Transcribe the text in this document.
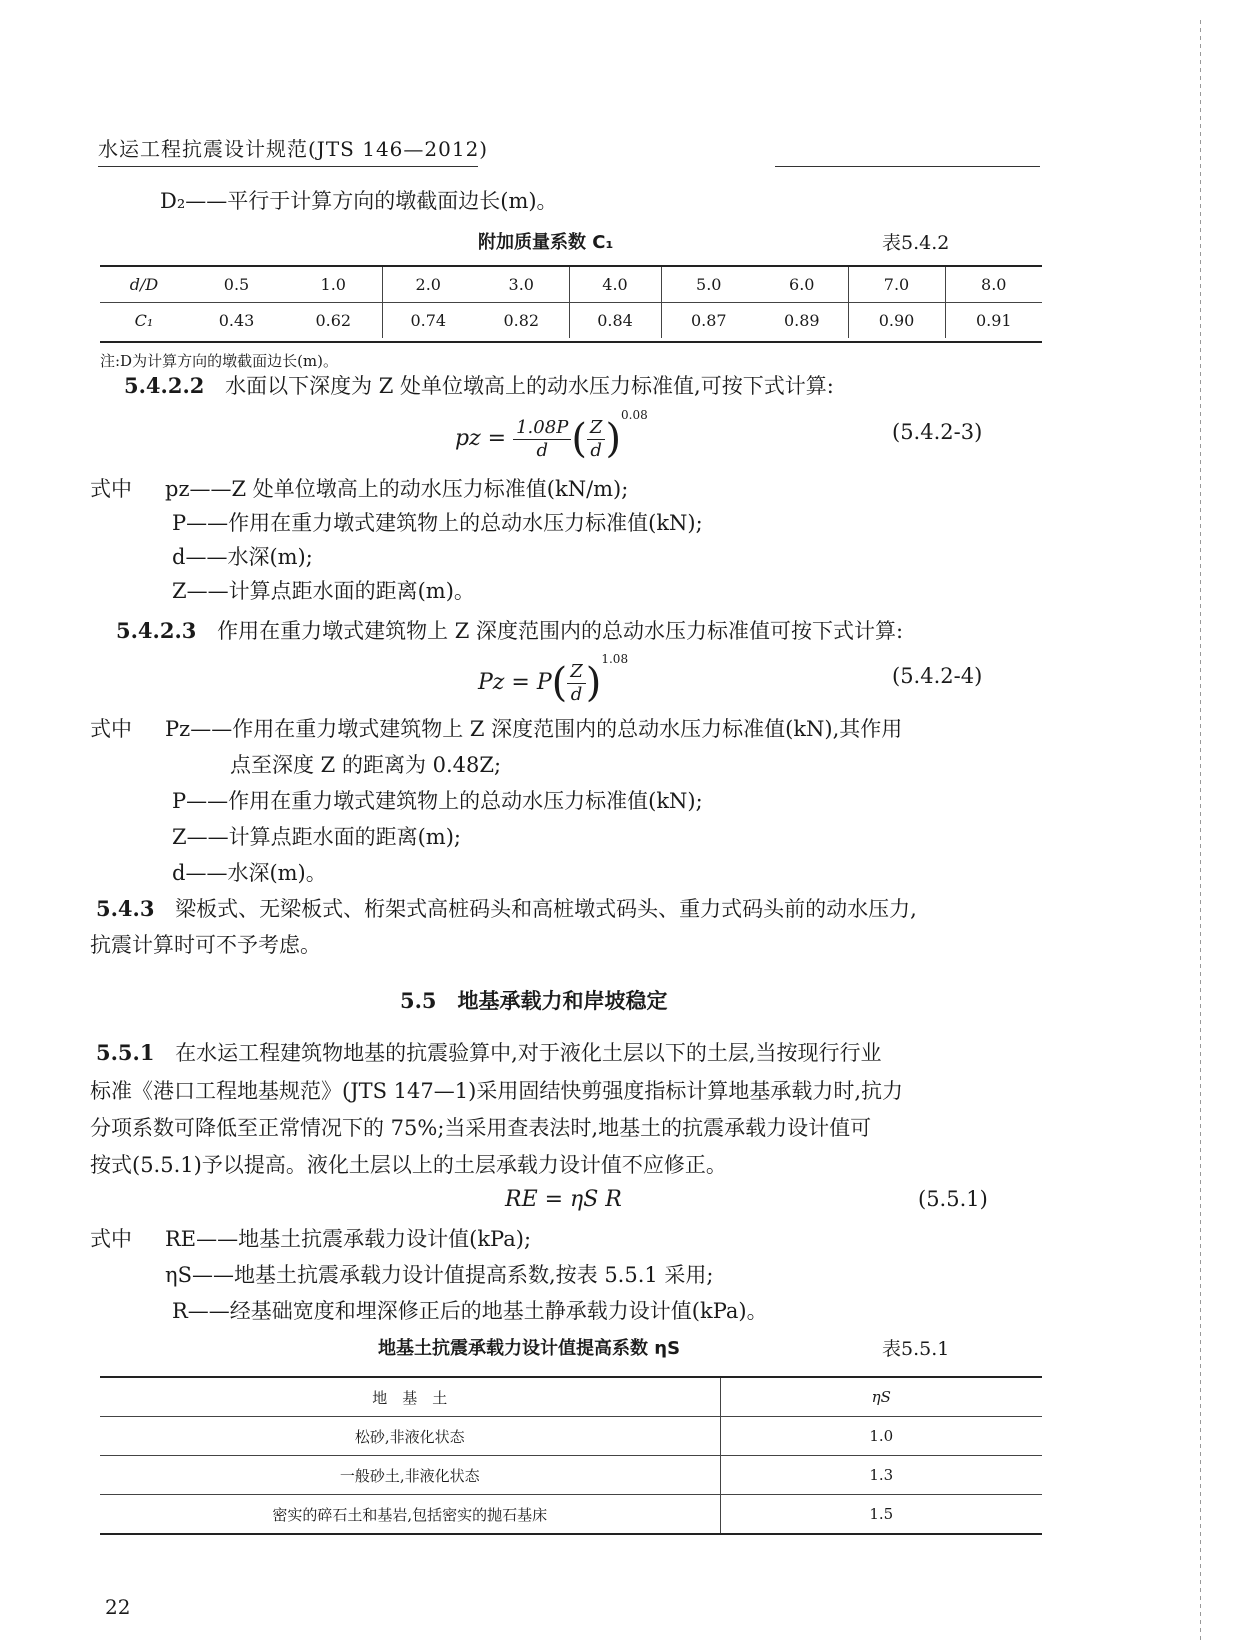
水运工程抗震设计规范(JTS 146—2012)
D₂——平行于计算方向的墩截面边长(m)。
附加质量系数 C₁	表5.4.2
d/D	0.5	1.0	2.0	3.0	4.0	5.0	6.0	7.0	8.0
C₁	0.43	0.62	0.74	0.82	0.84	0.87	0.89	0.90	0.91
注:D为计算方向的墩截面边长(m)。
5.4.2.2 水面以下深度为 Z 处单位墩高上的动水压力标准值,可按下式计算:
pz = $\frac{1.08P}{d}$ ( $\frac{Z}{d} )^{0.08}$
(5.4.2-3)
式中 pz——Z 处单位墩高上的动水压力标准值(kN/m);
P——作用在重力墩式建筑物上的总动水压力标准值(kN);
d——水深(m);
Z——计算点距水面的距离(m)。
5.4.2.3 作用在重力墩式建筑物上 Z 深度范围内的总动水压力标准值可按下式计算:
$Pz = P( \frac{Z}{d} )^{1.08}$
(5.4.2-4)
式中 Pz——作用在重力墩式建筑物上 Z 深度范围内的总动水压力标准值(kN),其作用
点至深度 Z 的距离为 0.48Z;
P——作用在重力墩式建筑物上的总动水压力标准值(kN);
Z——计算点距水面的距离(m);
d——水深(m)。
5.4.3 梁板式、无梁板式、桁架式高桩码头和高桩墩式码头、重力式码头前的动水压力,
抗震计算时可不予考虑。
5.5　地基承载力和岸坡稳定
5.5.1 在水运工程建筑物地基的抗震验算中,对于液化土层以下的土层,当按现行行业
标准《港口工程地基规范》(JTS 147—1)采用固结快剪强度指标计算地基承载力时,抗力
分项系数可降低至正常情况下的 75%;当采用查表法时,地基土的抗震承载力设计值可
按式(5.5.1)予以提高。液化土层以上的土层承载力设计值不应修正。
RE = ηS R	(5.5.1)
式中 RE——地基土抗震承载力设计值(kPa);
ηS——地基土抗震承载力设计值提高系数,按表 5.5.1 采用;
R——经基础宽度和埋深修正后的地基土静承载力设计值(kPa)。
地基土抗震承载力设计值提高系数 ηS	表5.5.1
地　基　土	ηS
松砂,非液化状态	1.0
一般砂土,非液化状态	1.3
密实的碎石土和基岩,包括密实的抛石基床	1.5
22
